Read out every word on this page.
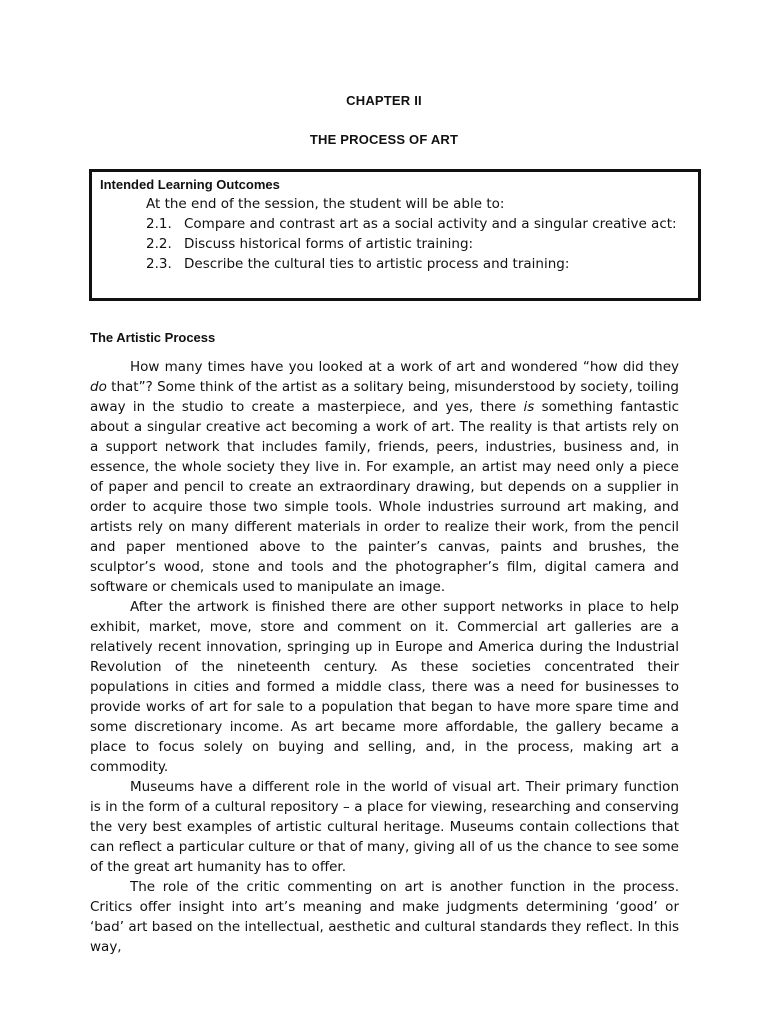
CHAPTER II
THE PROCESS OF ART
Intended Learning Outcomes
At the end of the session, the student will be able to:
2.1. Compare and contrast art as a social activity and a singular creative act:
2.2. Discuss historical forms of artistic training:
2.3. Describe the cultural ties to artistic process and training:
The Artistic Process

How many times have you looked at a work of art and wondered “how did they do that”? Some think of the artist as a solitary being, misunderstood by society, toiling away in the studio to create a masterpiece, and yes, there is something fantastic about a singular creative act becoming a work of art. The reality is that artists rely on a support network that includes family, friends, peers, industries, business and, in essence, the whole society they live in. For example, an artist may need only a piece of paper and pencil to create an extraordinary drawing, but depends on a supplier in order to acquire those two simple tools. Whole industries surround art making, and artists rely on many different materials in order to realize their work, from the pencil and paper mentioned above to the painter’s canvas, paints and brushes, the sculptor’s wood, stone and tools and the photographer’s film, digital camera and software or chemicals used to manipulate an image.

After the artwork is finished there are other support networks in place to help exhibit, market, move, store and comment on it. Commercial art galleries are a relatively recent innovation, springing up in Europe and America during the Industrial Revolution of the nineteenth century. As these societies concentrated their populations in cities and formed a middle class, there was a need for businesses to provide works of art for sale to a population that began to have more spare time and some discretionary income. As art became more affordable, the gallery became a place to focus solely on buying and selling, and, in the process, making art a commodity.

Museums have a different role in the world of visual art. Their primary function is in the form of a cultural repository – a place for viewing, researching and conserving the very best examples of artistic cultural heritage. Museums contain collections that can reflect a particular culture or that of many, giving all of us the chance to see some of the great art humanity has to offer.

The role of the critic commenting on art is another function in the process. Critics offer insight into art’s meaning and make judgments determining ‘good’ or ‘bad’ art based on the intellectual, aesthetic and cultural standards they reflect. In this way,
